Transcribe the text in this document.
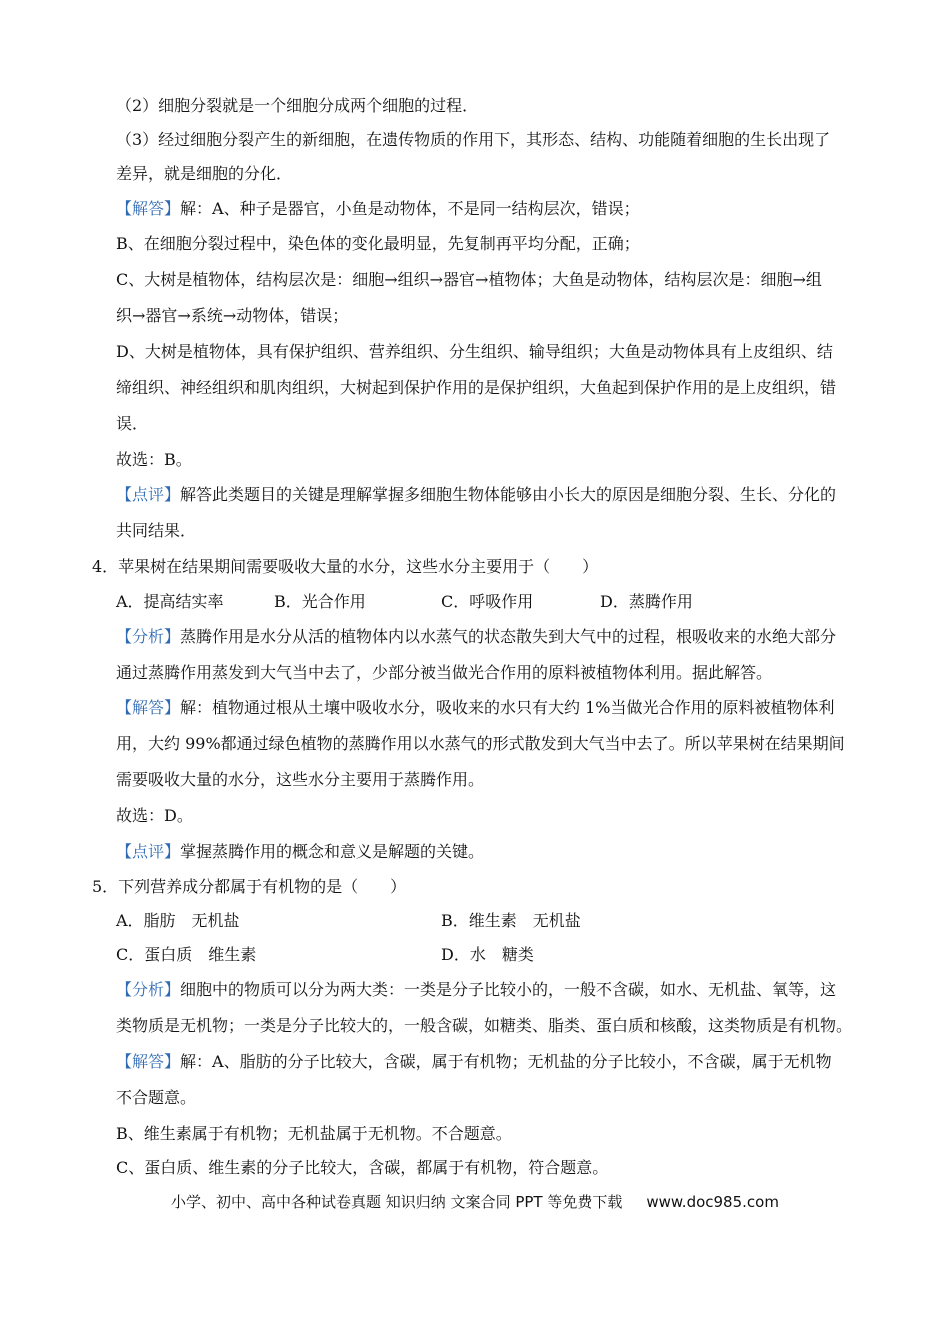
（2）细胞分裂就是一个细胞分成两个细胞的过程．
（3）经过细胞分裂产生的新细胞，在遗传物质的作用下，其形态、结构、功能随着细胞的生长出现了
差异，就是细胞的分化．
【解答】解：A、种子是器官，小鱼是动物体，不是同一结构层次，错误；
B、在细胞分裂过程中，染色体的变化最明显，先复制再平均分配，正确；
C、大树是植物体，结构层次是：细胞→组织→器官→植物体；大鱼是动物体，结构层次是：细胞→组
织→器官→系统→动物体，错误；
D、大树是植物体，具有保护组织、营养组织、分生组织、输导组织；大鱼是动物体具有上皮组织、结
缔组织、神经组织和肌肉组织，大树起到保护作用的是保护组织，大鱼起到保护作用的是上皮组织，错
误．
故选：B。
【点评】解答此类题目的关键是理解掌握多细胞生物体能够由小长大的原因是细胞分裂、生长、分化的
共同结果．
4．苹果树在结果期间需要吸收大量的水分，这些水分主要用于（　　）
A．提高结实率	B．光合作用	C．呼吸作用	D．蒸腾作用
【分析】蒸腾作用是水分从活的植物体内以水蒸气的状态散失到大气中的过程，根吸收来的水绝大部分
通过蒸腾作用蒸发到大气当中去了，少部分被当做光合作用的原料被植物体利用。据此解答。
【解答】解：植物通过根从土壤中吸收水分，吸收来的水只有大约 1%当做光合作用的原料被植物体利
用，大约 99%都通过绿色植物的蒸腾作用以水蒸气的形式散发到大气当中去了。所以苹果树在结果期间
需要吸收大量的水分，这些水分主要用于蒸腾作用。
故选：D。
【点评】掌握蒸腾作用的概念和意义是解题的关键。
5．下列营养成分都属于有机物的是（　　）
A．脂肪　无机盐	B．维生素　无机盐
C．蛋白质　维生素	D．水　糖类
【分析】细胞中的物质可以分为两大类：一类是分子比较小的，一般不含碳，如水、无机盐、氧等，这
类物质是无机物；一类是分子比较大的，一般含碳，如糖类、脂类、蛋白质和核酸，这类物质是有机物。
【解答】解：A、脂肪的分子比较大，含碳，属于有机物；无机盐的分子比较小，不含碳，属于无机物
不合题意。
B、维生素属于有机物；无机盐属于无机物。不合题意。
C、蛋白质、维生素的分子比较大，含碳，都属于有机物，符合题意。
小学、初中、高中各种试卷真题 知识归纳 文案合同 PPT 等免费下载 www.doc985.com
